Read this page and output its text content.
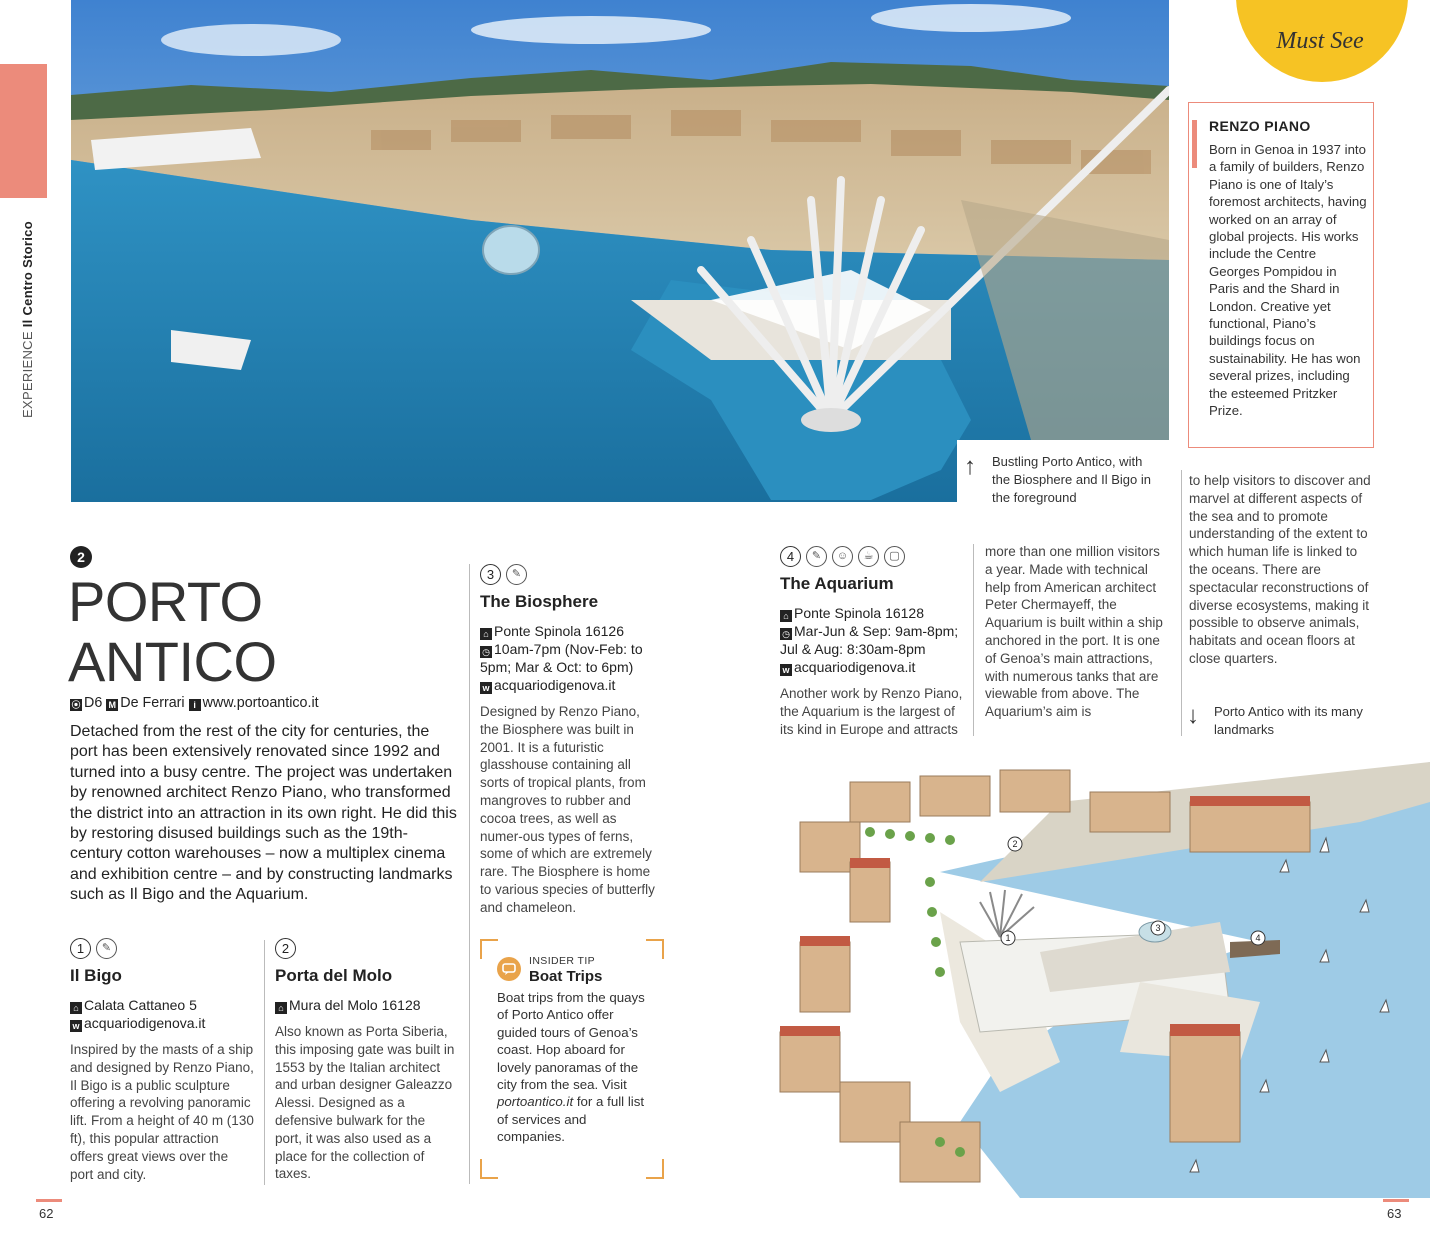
EXPERIENCE Il Centro Storico
↑ Bustling Porto Antico, with the Biosphere and Il Bigo in the foreground
Must See
RENZO PIANO
Born in Genoa in 1937 into a family of builders, Renzo Piano is one of Italy’s foremost architects, having worked on an array of global projects. His works include the Centre Georges Pompidou in Paris and the Shard in London. Creative yet functional, Piano’s buildings focus on sustainability. He has won several prizes, including the esteemed Pritzker Prize.
2
PORTO
ANTICO
⦿ D6 M De Ferrari i www.portoantico.it
Detached from the rest of the city for centuries, the port has been extensively renovated since 1992 and turned into a busy centre. The project was undertaken by renowned architect Renzo Piano, who transformed the district into an attraction in its own right. He did this by restoring disused buildings such as the 19th-century cotton warehouses – now a multiplex cinema and exhibition centre – and by constructing landmarks such as Il Bigo and the Aquarium.
1	✎
Il Bigo
⌂ Calata Cattaneo 5
w acquariodigenova.it
Inspired by the masts of a ship and designed by Renzo Piano, Il Bigo is a public sculpture offering a revolving panoramic lift. From a height of 40 m (130 ft), this popular attraction offers great views over the port and city.
2
Porta del Molo
⌂ Mura del Molo 16128
Also known as Porta Siberia, this imposing gate was built in 1553 by the Italian architect and urban designer Galeazzo Alessi. Designed as a defensive bulwark for the port, it was also used as a place for the collection of taxes.
3	✎
The Biosphere
⌂ Ponte Spinola 16126
◷ 10am-7pm (Nov-Feb: to 5pm; Mar & Oct: to 6pm)
w acquariodigenova.it
Designed by Renzo Piano, the Biosphere was built in 2001. It is a futuristic glasshouse containing all sorts of tropical plants, from mangroves to rubber and cocoa trees, as well as numer-ous types of ferns, some of which are extremely rare. The Biosphere is home to various species of butterfly and chameleon.
INSIDER TIP
Boat Trips
Boat trips from the quays of Porto Antico offer guided tours of Genoa’s coast. Hop aboard for lovely panoramas of the city from the sea. Visit portoantico.it for a full list of services and companies.
4	✎	☺	☕	▢
The Aquarium
⌂ Ponte Spinola 16128
◷ Mar-Jun & Sep: 9am-8pm; Jul & Aug: 8:30am-8pm
w acquariodigenova.it
Another work by Renzo Piano, the Aquarium is the largest of its kind in Europe and attracts
more than one million visitors a year. Made with technical help from American architect Peter Chermayeff, the Aquarium is built within a ship anchored in the port. It is one of Genoa’s main attractions, with numerous tanks that are viewable from above. The Aquarium’s aim is
to help visitors to discover and marvel at different aspects of the sea and to promote understanding of the extent to which human life is linked to the oceans. There are spectacular reconstructions of diverse ecosystems, making it possible to observe animals, habitats and ocean floors at close quarters.
↓ Porto Antico with its many landmarks
1
2
3
4
62	63
